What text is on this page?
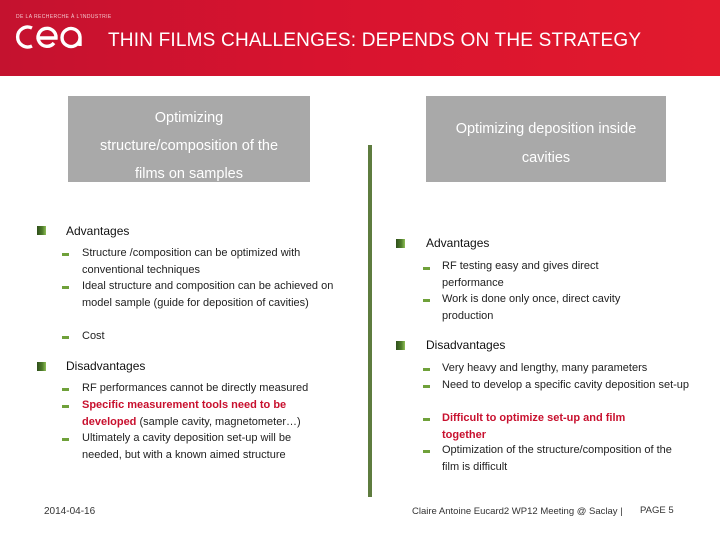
DE LA RECHERCHE À L'INDUSTRIE
THIN FILMS CHALLENGES: DEPENDS ON THE STRATEGY
Optimizing
structure/composition of the
films on samples
Optimizing deposition inside
cavities
Advantages
Structure /composition can be optimized with conventional techniques
Ideal structure and composition can be achieved on model sample (guide for deposition of cavities)
Cost
Disadvantages
RF performances cannot be directly measured
Specific measurement tools need to be developed (sample cavity, magnetometer…)
Ultimately a cavity deposition set-up will be needed, but with a known aimed structure
Advantages
RF testing easy and gives direct performance
Work is done only once, direct cavity production
Disadvantages
Very heavy and lengthy, many parameters
Need to develop a specific cavity deposition set-up
Difficult to optimize set-up and film together
Optimization of the structure/composition of the film is difficult
2014-04-16	Claire Antoine Eucard2 WP12 Meeting @ Saclay | PAGE 5
